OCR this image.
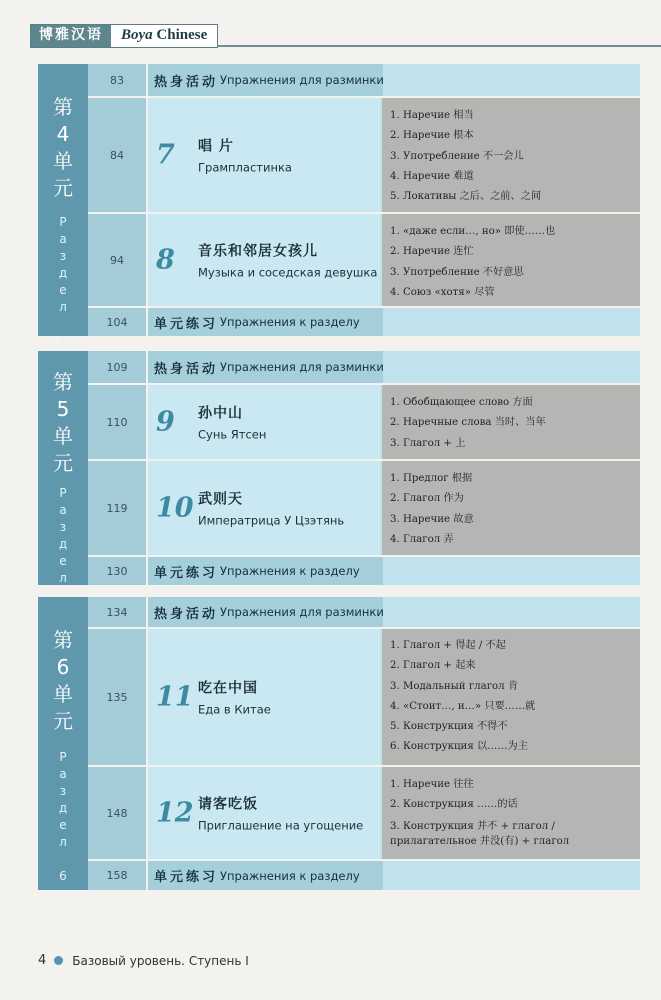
博雅汉语	Boya Chinese
第
4
单
元
Р
а
з
д
е
л

4
83	热身活动 Упражнения для разминки
84	7 唱 片
Грампластинка
1. Наречие 相当
2. Наречие 根本
3. Употребление 不一会儿
4. Наречие 难道
5. Локативы 之后、之前、之间
94	8 音乐和邻居女孩儿
Музыка и соседская девушка
1. «даже если…, но» 即使……也
2. Наречие 连忙
3. Употребление 不好意思
4. Союз «хотя» 尽管
104	单元练习 Упражнения к разделу
第
5
单
元
Р
а
з
д
е
л

109	热身活动 Упражнения для разминки
110	9 孙中山
Сунь Ятсен
1. Обобщающее слово 方面
2. Наречные слова 当时、当年
3. Глагол + 上
119	10 武则天
Императрица У Цзэтянь
1. Предлог 根据
2. Глагол 作为
3. Наречие 故意
4. Глагол 弄
130	单元练习 Упражнения к разделу
第
6
单
元
Р
а
з
д
е
л

6
134	热身活动 Упражнения для разминки
135	11 吃在中国
Еда в Китае
1. Глагол + 得起 / 不起
2. Глагол + 起来
3. Модальный глагол 肯
4. «Стоит…, и…» 只要……就
5. Конструкция 不得不
6. Конструкция 以……为主
148	12 请客吃饭
Приглашение на угощение
1. Наречие 往往
2. Конструкция ……的话
3. Конструкция 并不 + глагол / прилагательное 并没(有) + глагол
158	单元练习 Упражнения к разделу
4 Базовый уровень. Ступень I
